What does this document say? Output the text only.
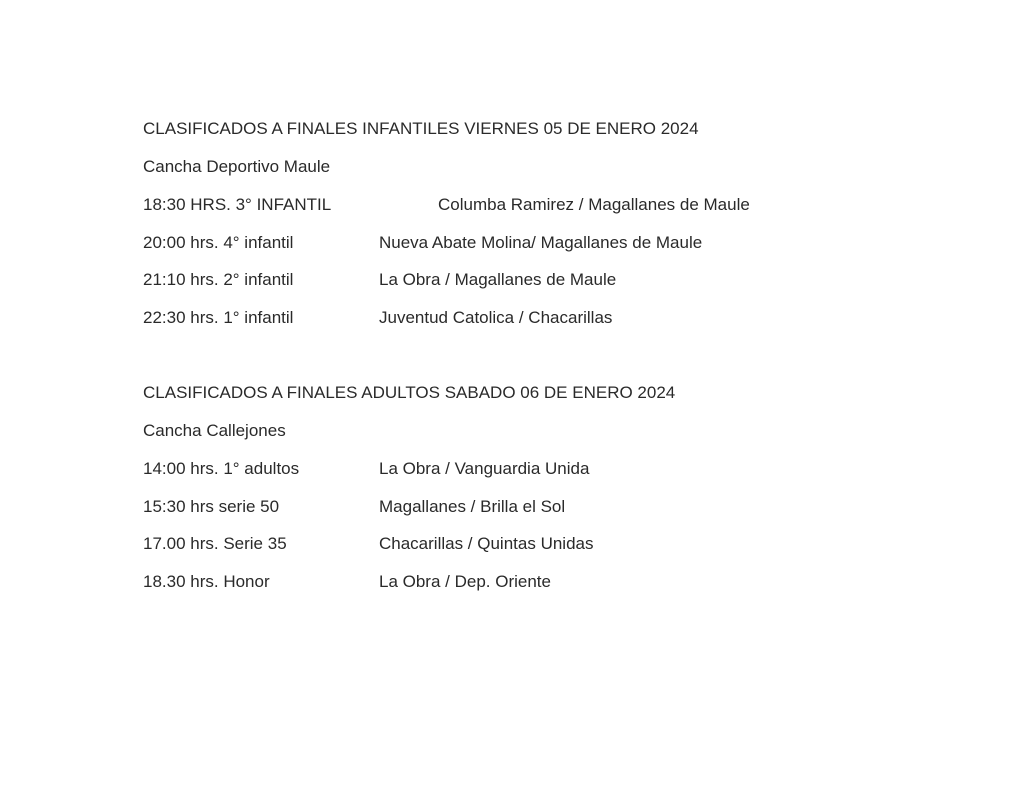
CLASIFICADOS A FINALES INFANTILES VIERNES 05 DE ENERO 2024
Cancha Deportivo Maule
18:30 HRS. 3° INFANTIL	Columba Ramirez / Magallanes de Maule
20:00 hrs. 4° infantil	Nueva Abate Molina/ Magallanes de Maule
21:10 hrs. 2° infantil	La Obra / Magallanes de Maule
22:30 hrs. 1° infantil	Juventud Catolica / Chacarillas
CLASIFICADOS A FINALES ADULTOS SABADO 06 DE ENERO 2024
Cancha Callejones
14:00 hrs. 1° adultos	La Obra / Vanguardia Unida
15:30 hrs serie 50	Magallanes / Brilla el Sol
17.00 hrs. Serie 35	Chacarillas / Quintas Unidas
18.30 hrs. Honor	La Obra / Dep. Oriente
